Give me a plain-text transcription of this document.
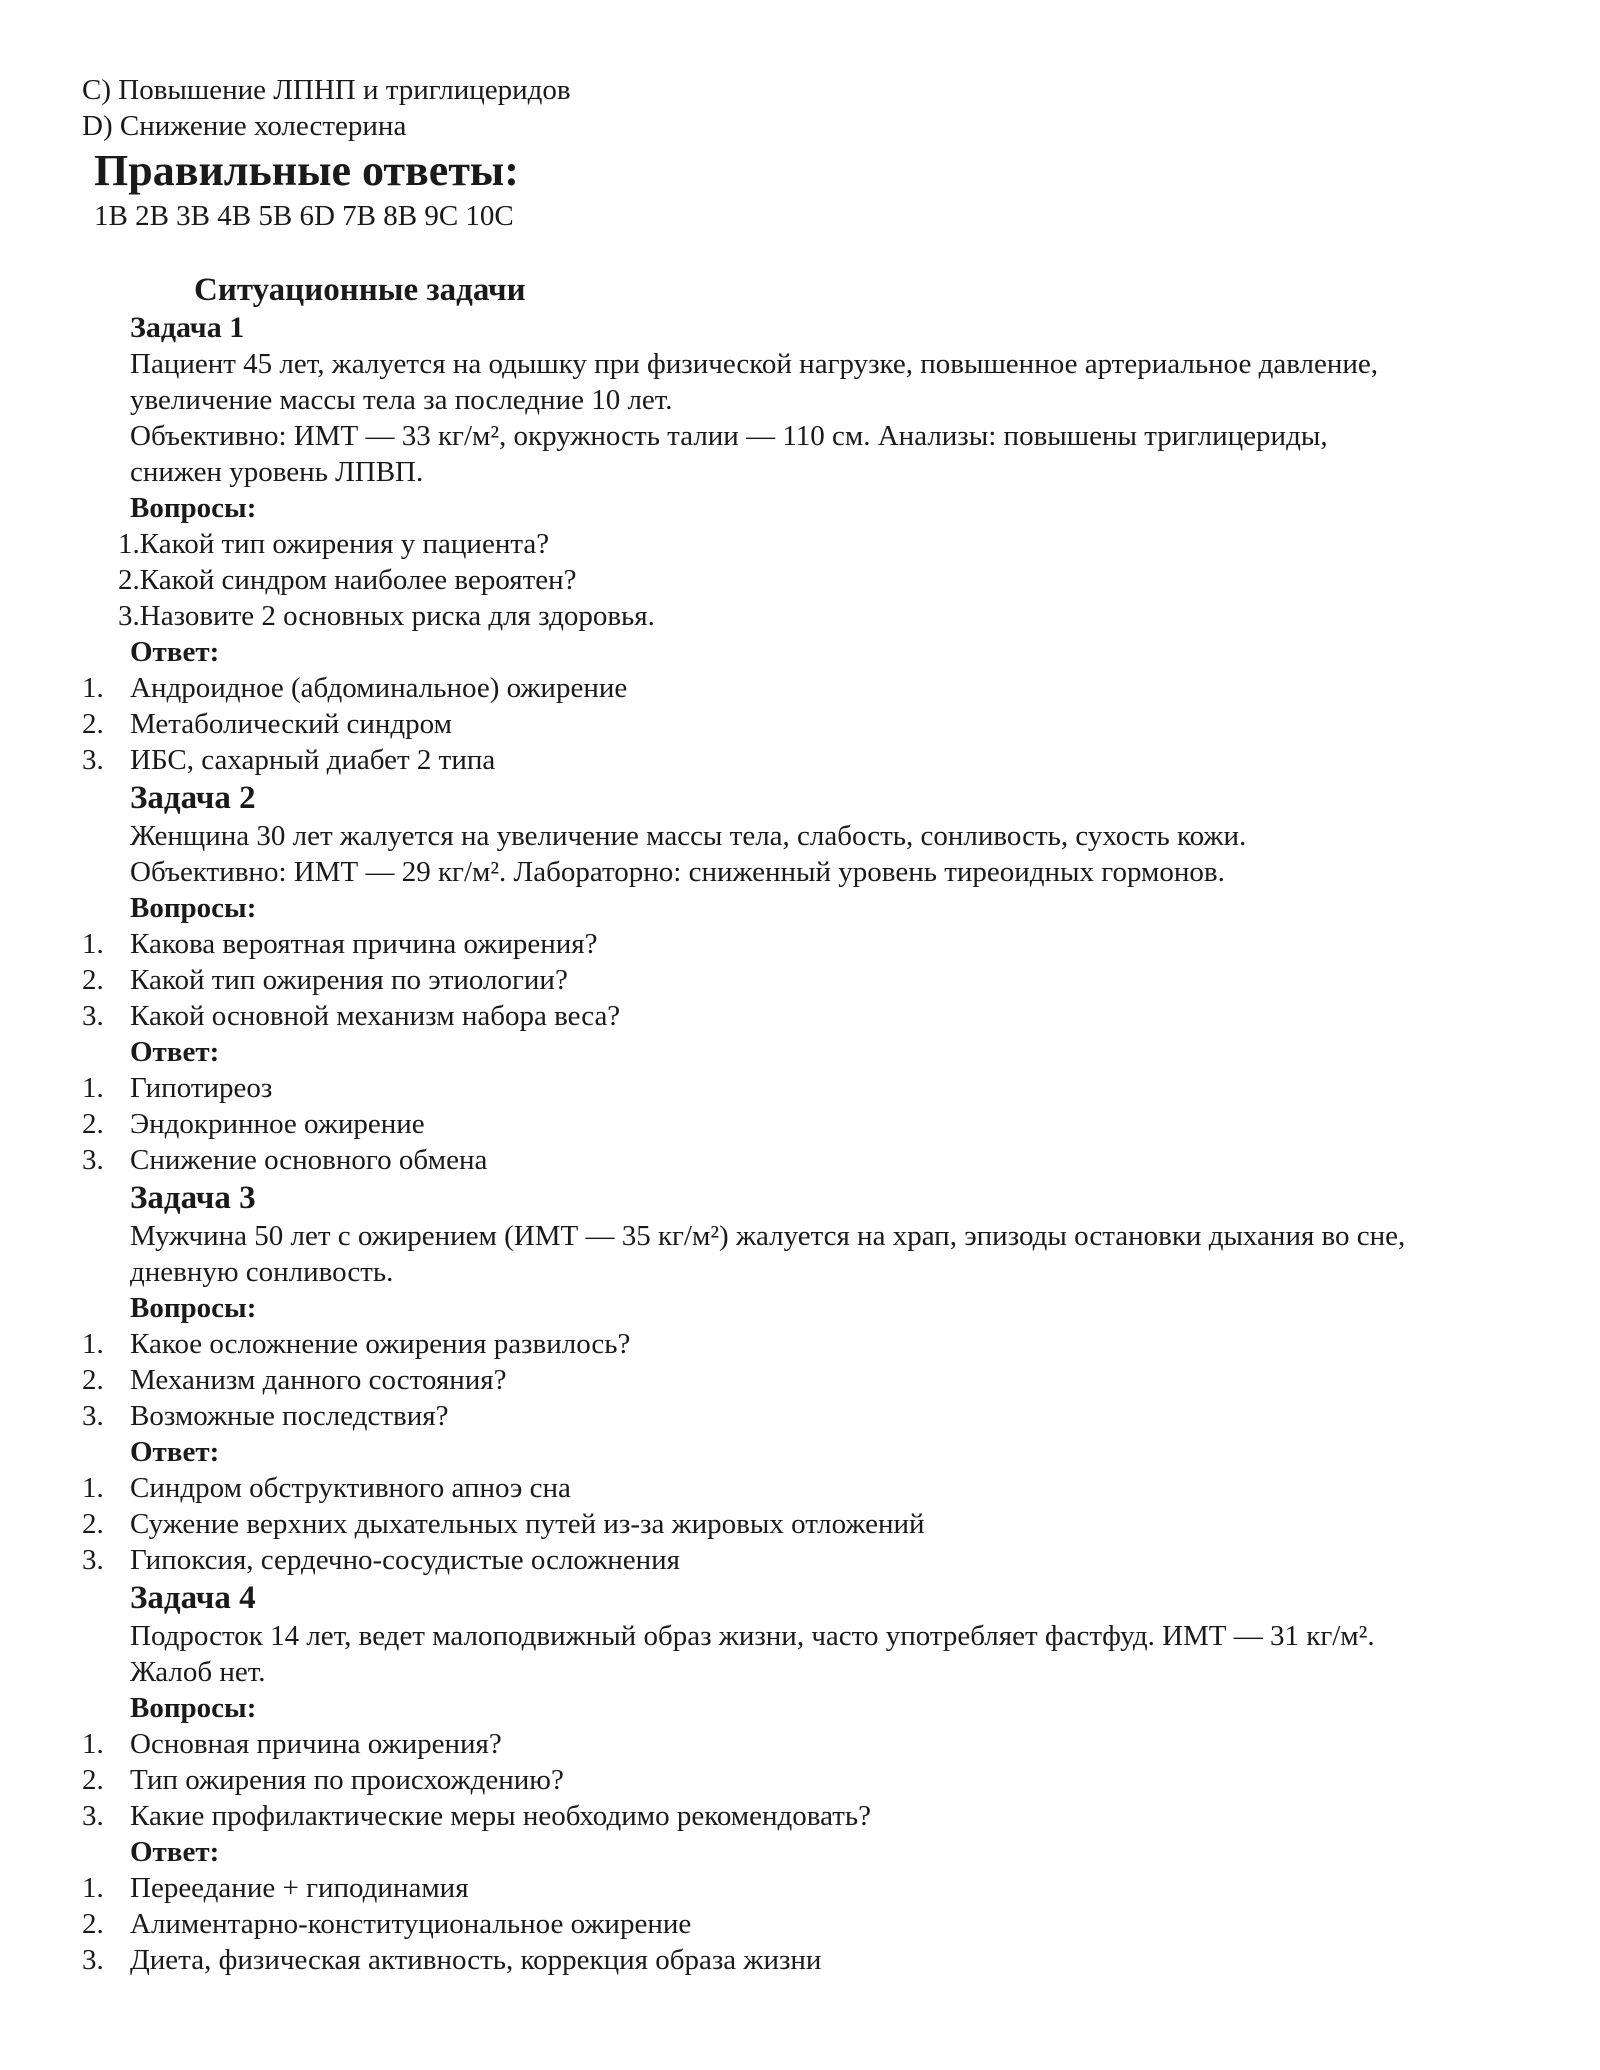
C) Повышение ЛПНП и триглицеридов
D) Снижение холестерина
Правильные ответы:
1B 2B 3B 4B 5B 6D 7B 8B 9C 10C
Ситуационные задачи
Задача 1
Пациент 45 лет, жалуется на одышку при физической нагрузке, повышенное артериальное давление,
увеличение массы тела за последние 10 лет.
Объективно: ИМТ — 33 кг/м², окружность талии — 110 см. Анализы: повышены триглицериды,
снижен уровень ЛПВП.
Вопросы:
1.Какой тип ожирения у пациента?
2.Какой синдром наиболее вероятен?
3.Назовите 2 основных риска для здоровья.
Ответ:
1. Андроидное (абдоминальное) ожирение
2. Метаболический синдром
3. ИБС, сахарный диабет 2 типа
Задача 2
Женщина 30 лет жалуется на увеличение массы тела, слабость, сонливость, сухость кожи.
Объективно: ИМТ — 29 кг/м². Лабораторно: сниженный уровень тиреоидных гормонов.
Вопросы:
1. Какова вероятная причина ожирения?
2. Какой тип ожирения по этиологии?
3. Какой основной механизм набора веса?
Ответ:
1. Гипотиреоз
2. Эндокринное ожирение
3. Снижение основного обмена
Задача 3
Мужчина 50 лет с ожирением (ИМТ — 35 кг/м²) жалуется на храп, эпизоды остановки дыхания во сне,
дневную сонливость.
Вопросы:
1. Какое осложнение ожирения развилось?
2. Механизм данного состояния?
3. Возможные последствия?
Ответ:
1. Синдром обструктивного апноэ сна
2. Сужение верхних дыхательных путей из-за жировых отложений
3. Гипоксия, сердечно-сосудистые осложнения
Задача 4
Подросток 14 лет, ведет малоподвижный образ жизни, часто употребляет фастфуд. ИМТ — 31 кг/м².
Жалоб нет.
Вопросы:
1. Основная причина ожирения?
2. Тип ожирения по происхождению?
3. Какие профилактические меры необходимо рекомендовать?
Ответ:
1. Переедание + гиподинамия
2. Алиментарно-конституциональное ожирение
3. Диета, физическая активность, коррекция образа жизни
